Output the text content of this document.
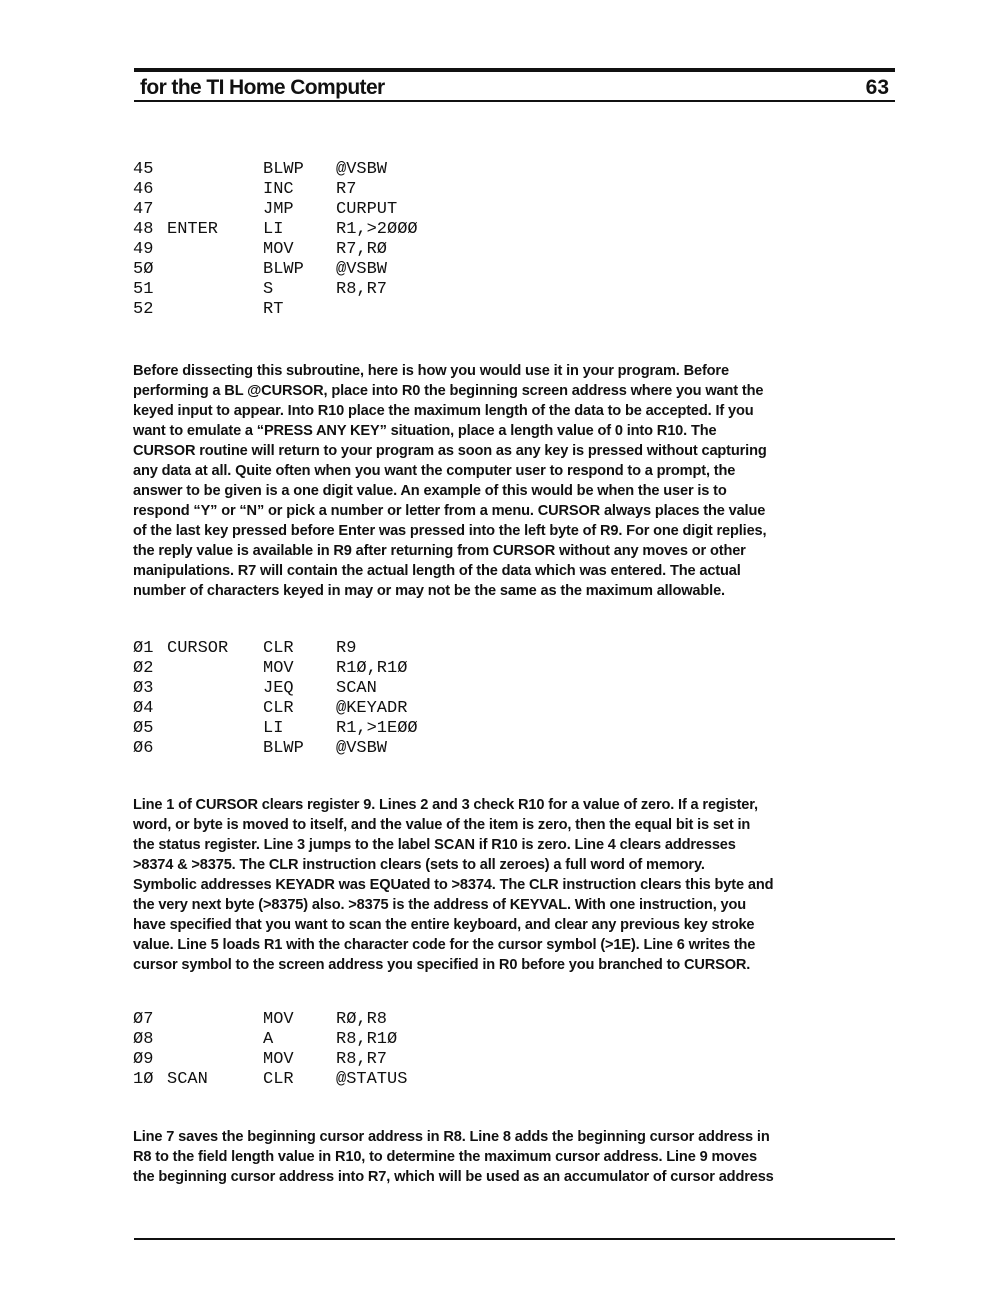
for the TI Home Computer	63
45	BLWP @VSBW
46	INC R7
47	JMP CURPUT
48 ENTER	LI	R1,>2ØØØ
49	MOV R7,RØ
5Ø	BLWP @VSBW
51	S	R8,R7
52	RT
Before dissecting this subroutine, here is how you would use it in your program. Before
performing a BL @CURSOR, place into R0 the beginning screen address where you want the
keyed input to appear. Into R10 place the maximum length of the data to be accepted. If you
want to emulate a “PRESS ANY KEY” situation, place a length value of 0 into R10. The
CURSOR routine will return to your program as soon as any key is pressed without capturing
any data at all. Quite often when you want the computer user to respond to a prompt, the
answer to be given is a one digit value. An example of this would be when the user is to
respond “Y” or “N” or pick a number or letter from a menu. CURSOR always places the value
of the last key pressed before Enter was pressed into the left byte of R9. For one digit replies,
the reply value is available in R9 after returning from CURSOR without any moves or other
manipulations. R7 will contain the actual length of the data which was entered. The actual
number of characters keyed in may or may not be the same as the maximum allowable.
Ø1 CURSOR CLR R9
Ø2	MOV R1Ø,R1Ø
Ø3	JEQ SCAN
Ø4	CLR @KEYADR
Ø5	LI	R1,>1EØØ
Ø6	BLWP @VSBW
Line 1 of CURSOR clears register 9. Lines 2 and 3 check R10 for a value of zero. If a register,
word, or byte is moved to itself, and the value of the item is zero, then the equal bit is set in
the status register. Line 3 jumps to the label SCAN if R10 is zero. Line 4 clears addresses
>8374 & >8375. The CLR instruction clears (sets to all zeroes) a full word of memory.
Symbolic addresses KEYADR was EQUated to >8374. The CLR instruction clears this byte and
the very next byte (>8375) also. >8375 is the address of KEYVAL. With one instruction, you
have specified that you want to scan the entire keyboard, and clear any previous key stroke
value. Line 5 loads R1 with the character code for the cursor symbol (>1E). Line 6 writes the
cursor symbol to the screen address you specified in R0 before you branched to CURSOR.
Ø7	MOV RØ,R8
Ø8	A	R8,R1Ø
Ø9	MOV R8,R7
1Ø SCAN	CLR @STATUS
Line 7 saves the beginning cursor address in R8. Line 8 adds the beginning cursor address in
R8 to the field length value in R10, to determine the maximum cursor address. Line 9 moves
the beginning cursor address into R7, which will be used as an accumulator of cursor address
